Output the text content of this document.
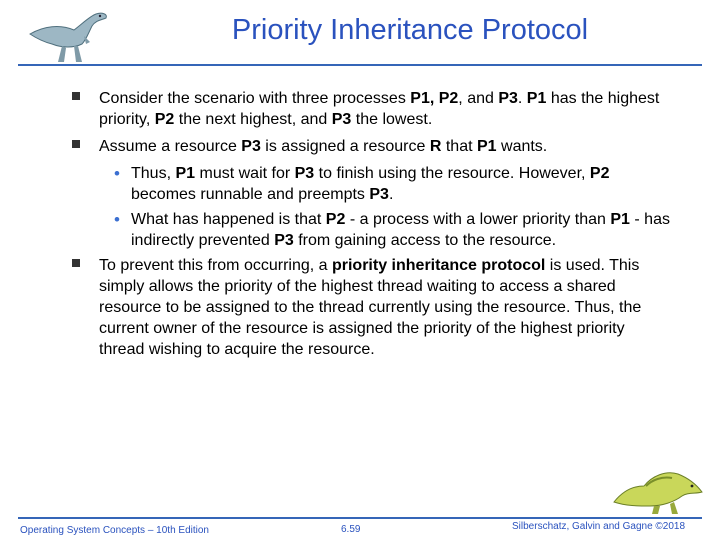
Priority Inheritance Protocol
Consider the scenario with three processes P1, P2, and P3. P1 has the highest priority, P2 the next highest, and P3 the lowest.
Assume a resource P3 is assigned a resource R that P1 wants.
• Thus, P1 must wait for P3 to finish using the resource. However, P2 becomes runnable and preempts P3.
• What has happened is that P2 - a process with a lower priority than P1 - has indirectly prevented P3 from gaining access to the resource.
To prevent this from occurring, a priority inheritance protocol is used. This simply allows the priority of the highest thread waiting to access a shared resource to be assigned to the thread currently using the resource. Thus, the current owner of the resource is assigned the priority of the highest priority thread wishing to acquire the resource.
Operating System Concepts – 10th Edition	6.59	Silberschatz, Galvin and Gagne ©2018
